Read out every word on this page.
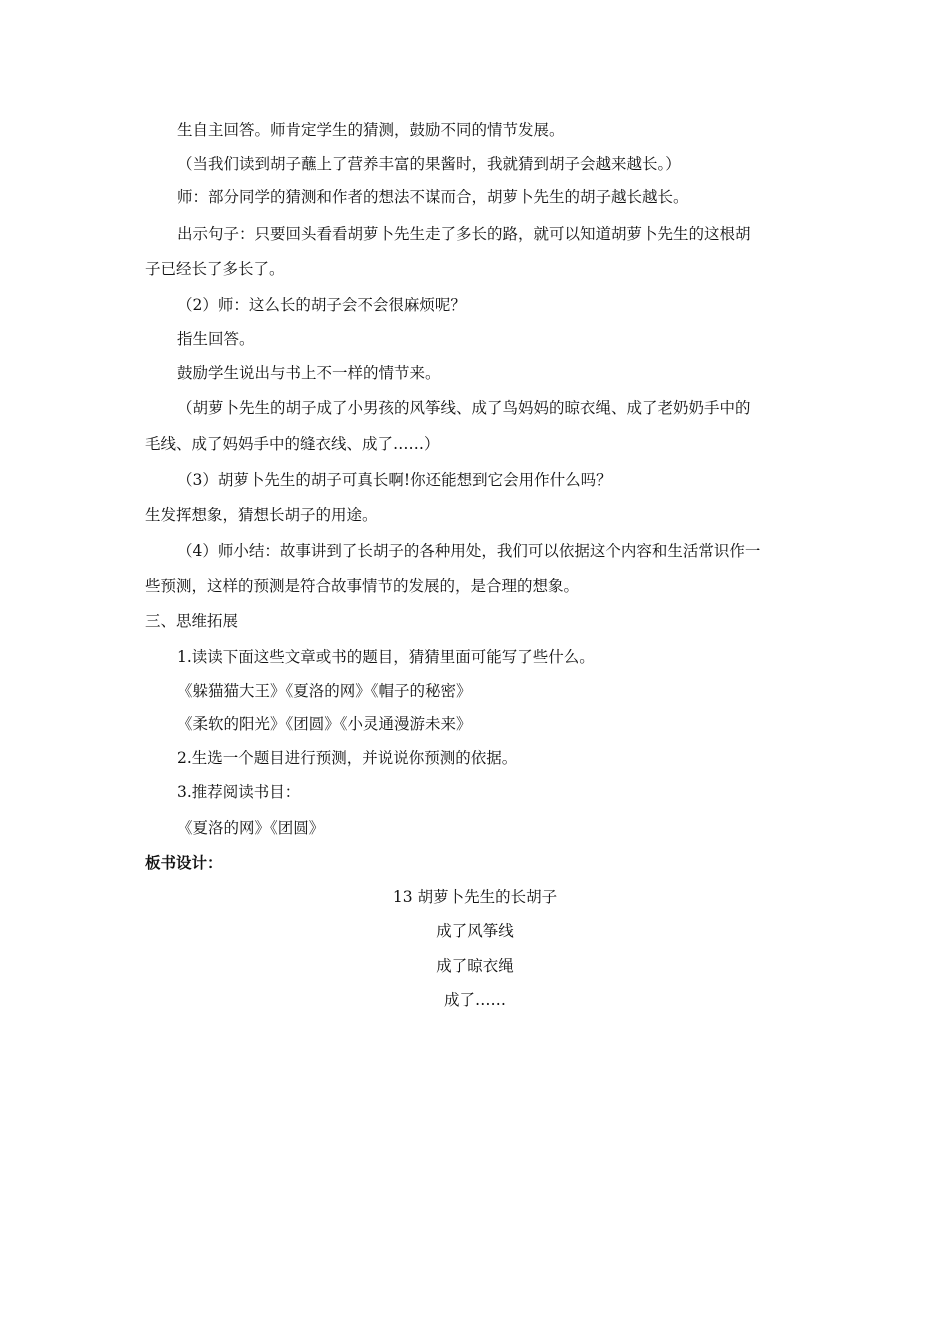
生自主回答。师肯定学生的猜测，鼓励不同的情节发展。
（当我们读到胡子蘸上了营养丰富的果酱时，我就猜到胡子会越来越长。）
师：部分同学的猜测和作者的想法不谋而合，胡萝卜先生的胡子越长越长。
出示句子：只要回头看看胡萝卜先生走了多长的路，就可以知道胡萝卜先生的这根胡
子已经长了多长了。
（2）师：这么长的胡子会不会很麻烦呢？
指生回答。
鼓励学生说出与书上不一样的情节来。
（胡萝卜先生的胡子成了小男孩的风筝线、成了鸟妈妈的晾衣绳、成了老奶奶手中的
毛线、成了妈妈手中的缝衣线、成了……）
（3）胡萝卜先生的胡子可真长啊!你还能想到它会用作什么吗？
生发挥想象，猜想长胡子的用途。
（4）师小结：故事讲到了长胡子的各种用处，我们可以依据这个内容和生活常识作一
些预测，这样的预测是符合故事情节的发展的，是合理的想象。
三、思维拓展
1.读读下面这些文章或书的题目，猜猜里面可能写了些什么。
《躲猫猫大王》《夏洛的网》《帽子的秘密》
《柔软的阳光》《团圆》《小灵通漫游未来》
2.生选一个题目进行预测，并说说你预测的依据。
3.推荐阅读书目：
《夏洛的网》《团圆》
板书设计：
13 胡萝卜先生的长胡子
成了风筝线
成了晾衣绳
成了……
